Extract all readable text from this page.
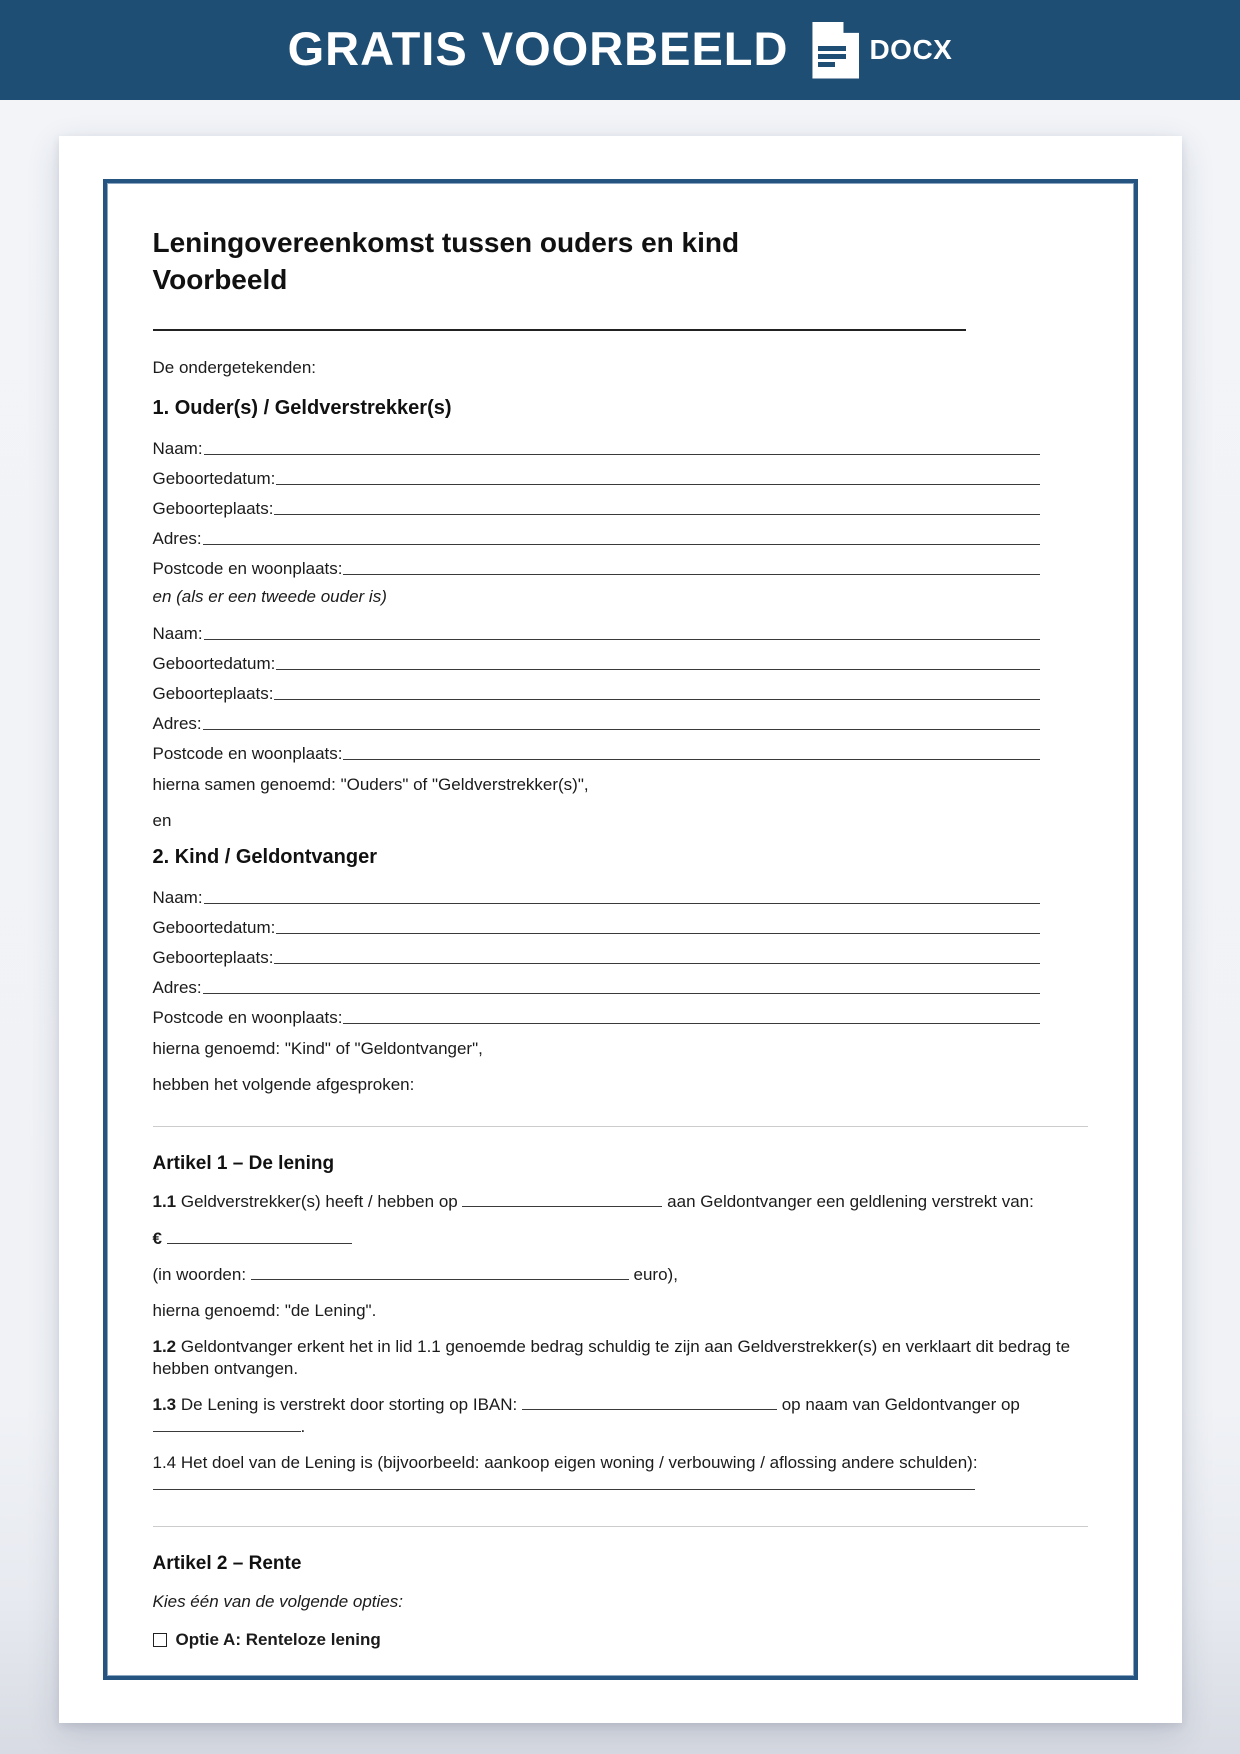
GRATIS VOORBEELD	DOCX
Leningovereenkomst tussen ouders en kind Voorbeeld

De ondergetekenden:

1. Ouder(s) / Geldverstrekker(s)
Naam:
Geboortedatum:
Geboorteplaats:
Adres:
Postcode en woonplaats:

en (als er een tweede ouder is)

Naam:
Geboortedatum:
Geboorteplaats:
Adres:
Postcode en woonplaats:

hierna samen genoemd: "Ouders" of "Geldverstrekker(s)",

en

2. Kind / Geldontvanger
Naam:
Geboortedatum:
Geboorteplaats:
Adres:
Postcode en woonplaats:

hierna genoemd: "Kind" of "Geldontvanger",

hebben het volgende afgesproken:

Artikel 1 – De lening

1.1 Geldverstrekker(s) heeft / hebben op	aan Geldontvanger een geldlening verstrekt van:

€

(in woorden:	euro),

hierna genoemd: "de Lening".

1.2 Geldontvanger erkent het in lid 1.1 genoemde bedrag schuldig te zijn aan Geldverstrekker(s) en verklaart dit bedrag te hebben ontvangen.

1.3 De Lening is verstrekt door storting op IBAN:	op naam van Geldontvanger op .

1.4 Het doel van de Lening is (bijvoorbeeld: aankoop eigen woning / verbouwing / aflossing andere schulden):

Artikel 2 – Rente

Kies één van de volgende opties:

Optie A: Renteloze lening
